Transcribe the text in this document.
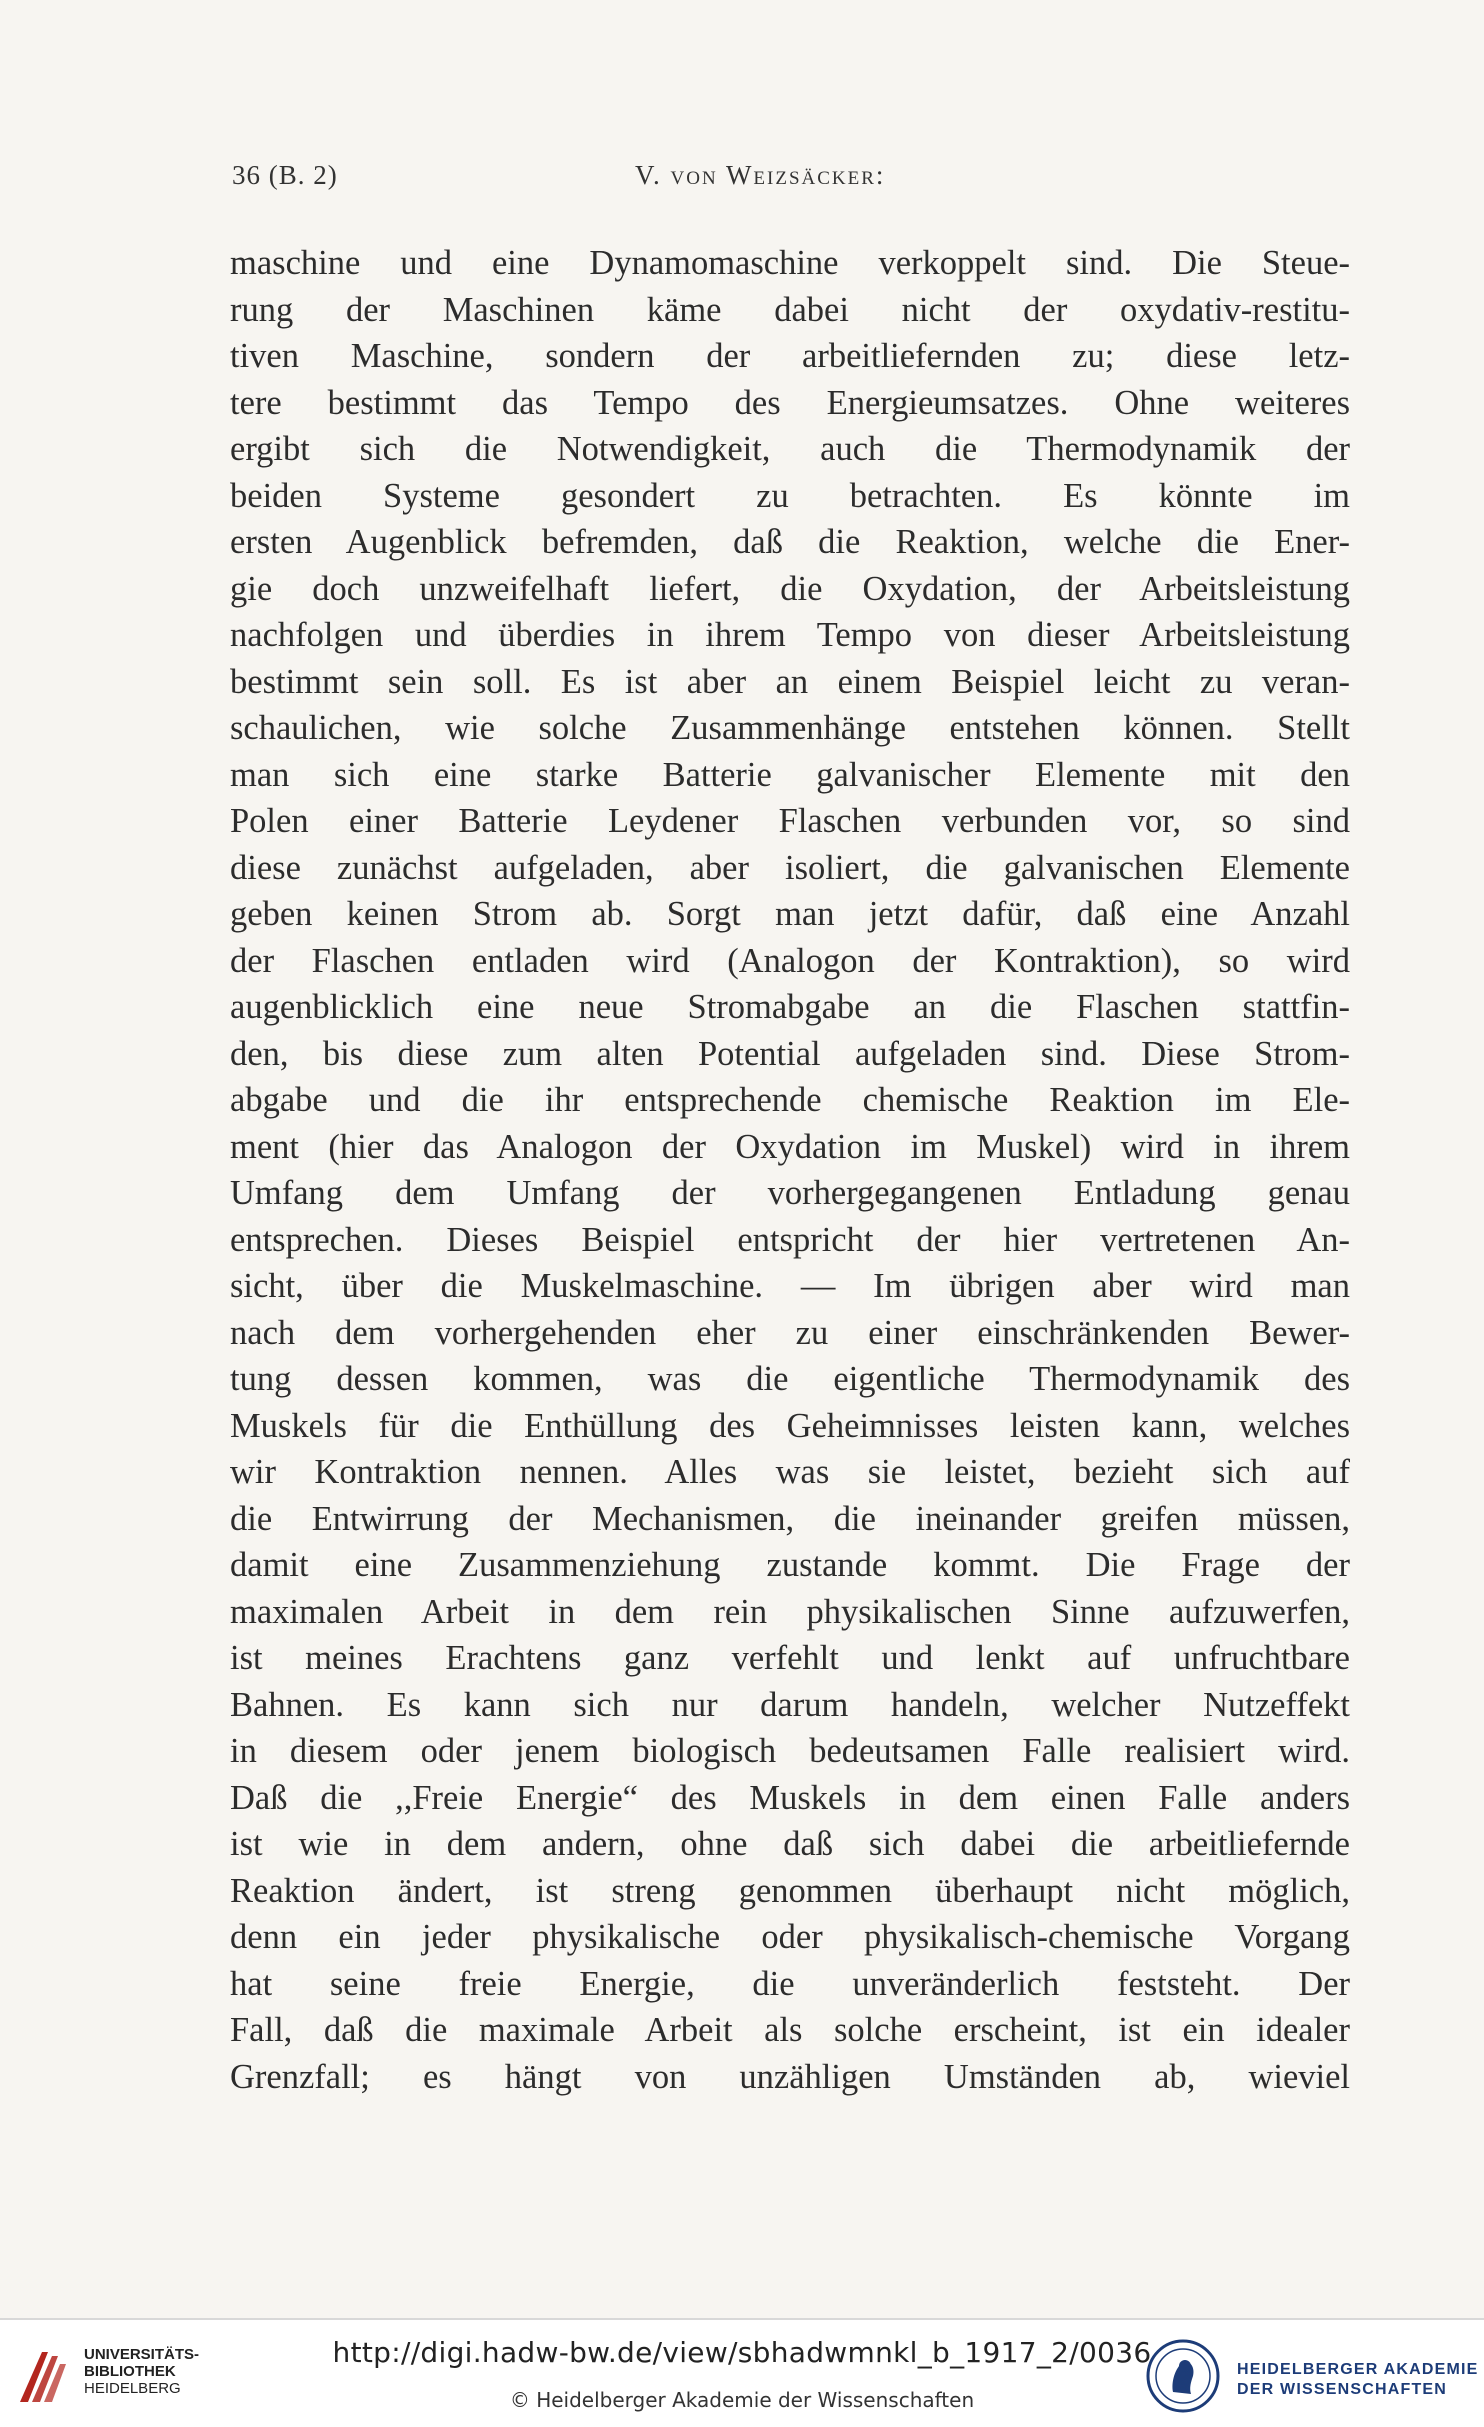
36 (B. 2)	V. von Weizsäcker:
maschine und eine Dynamomaschine verkoppelt sind. Die Steue-
rung der Maschinen käme dabei nicht der oxydativ-restitu-
tiven Maschine, sondern der arbeitliefernden zu; diese letz-
tere bestimmt das Tempo des Energieumsatzes. Ohne weiteres
ergibt sich die Notwendigkeit, auch die Thermodynamik der
beiden Systeme gesondert zu betrachten. Es könnte im
ersten Augenblick befremden, daß die Reaktion, welche die Ener-
gie doch unzweifelhaft liefert, die Oxydation, der Arbeitsleistung
nachfolgen und überdies in ihrem Tempo von dieser Arbeitsleistung
bestimmt sein soll. Es ist aber an einem Beispiel leicht zu veran-
schaulichen, wie solche Zusammenhänge entstehen können. Stellt
man sich eine starke Batterie galvanischer Elemente mit den
Polen einer Batterie Leydener Flaschen verbunden vor, so sind
diese zunächst aufgeladen, aber isoliert, die galvanischen Elemente
geben keinen Strom ab. Sorgt man jetzt dafür, daß eine Anzahl
der Flaschen entladen wird (Analogon der Kontraktion), so wird
augenblicklich eine neue Stromabgabe an die Flaschen stattfin-
den, bis diese zum alten Potential aufgeladen sind. Diese Strom-
abgabe und die ihr entsprechende chemische Reaktion im Ele-
ment (hier das Analogon der Oxydation im Muskel) wird in ihrem
Umfang dem Umfang der vorhergegangenen Entladung genau
entsprechen. Dieses Beispiel entspricht der hier vertretenen An-
sicht, über die Muskelmaschine. — Im übrigen aber wird man
nach dem vorhergehenden eher zu einer einschränkenden Bewer-
tung dessen kommen, was die eigentliche Thermodynamik des
Muskels für die Enthüllung des Geheimnisses leisten kann, welches
wir Kontraktion nennen. Alles was sie leistet, bezieht sich auf
die Entwirrung der Mechanismen, die ineinander greifen müssen,
damit eine Zusammenziehung zustande kommt. Die Frage der
maximalen Arbeit in dem rein physikalischen Sinne aufzuwerfen,
ist meines Erachtens ganz verfehlt und lenkt auf unfruchtbare
Bahnen. Es kann sich nur darum handeln, welcher Nutzeffekt
in diesem oder jenem biologisch bedeutsamen Falle realisiert wird.
Daß die ,,Freie Energie“ des Muskels in dem einen Falle anders
ist wie in dem andern, ohne daß sich dabei die arbeitliefernde
Reaktion ändert, ist streng genommen überhaupt nicht möglich,
denn ein jeder physikalische oder physikalisch-chemische Vorgang
hat seine freie Energie, die unveränderlich feststeht. Der
Fall, daß die maximale Arbeit als solche erscheint, ist ein idealer
Grenzfall; es hängt von unzähligen Umständen ab, wieviel
UNIVERSITÄTS-
BIBLIOTHEK
HEIDELBERG
http://digi.hadw-bw.de/view/sbhadwmnkl_b_1917_2/0036
© Heidelberger Akademie der Wissenschaften
HEIDELBERGER AKADEMIE
DER WISSENSCHAFTEN
